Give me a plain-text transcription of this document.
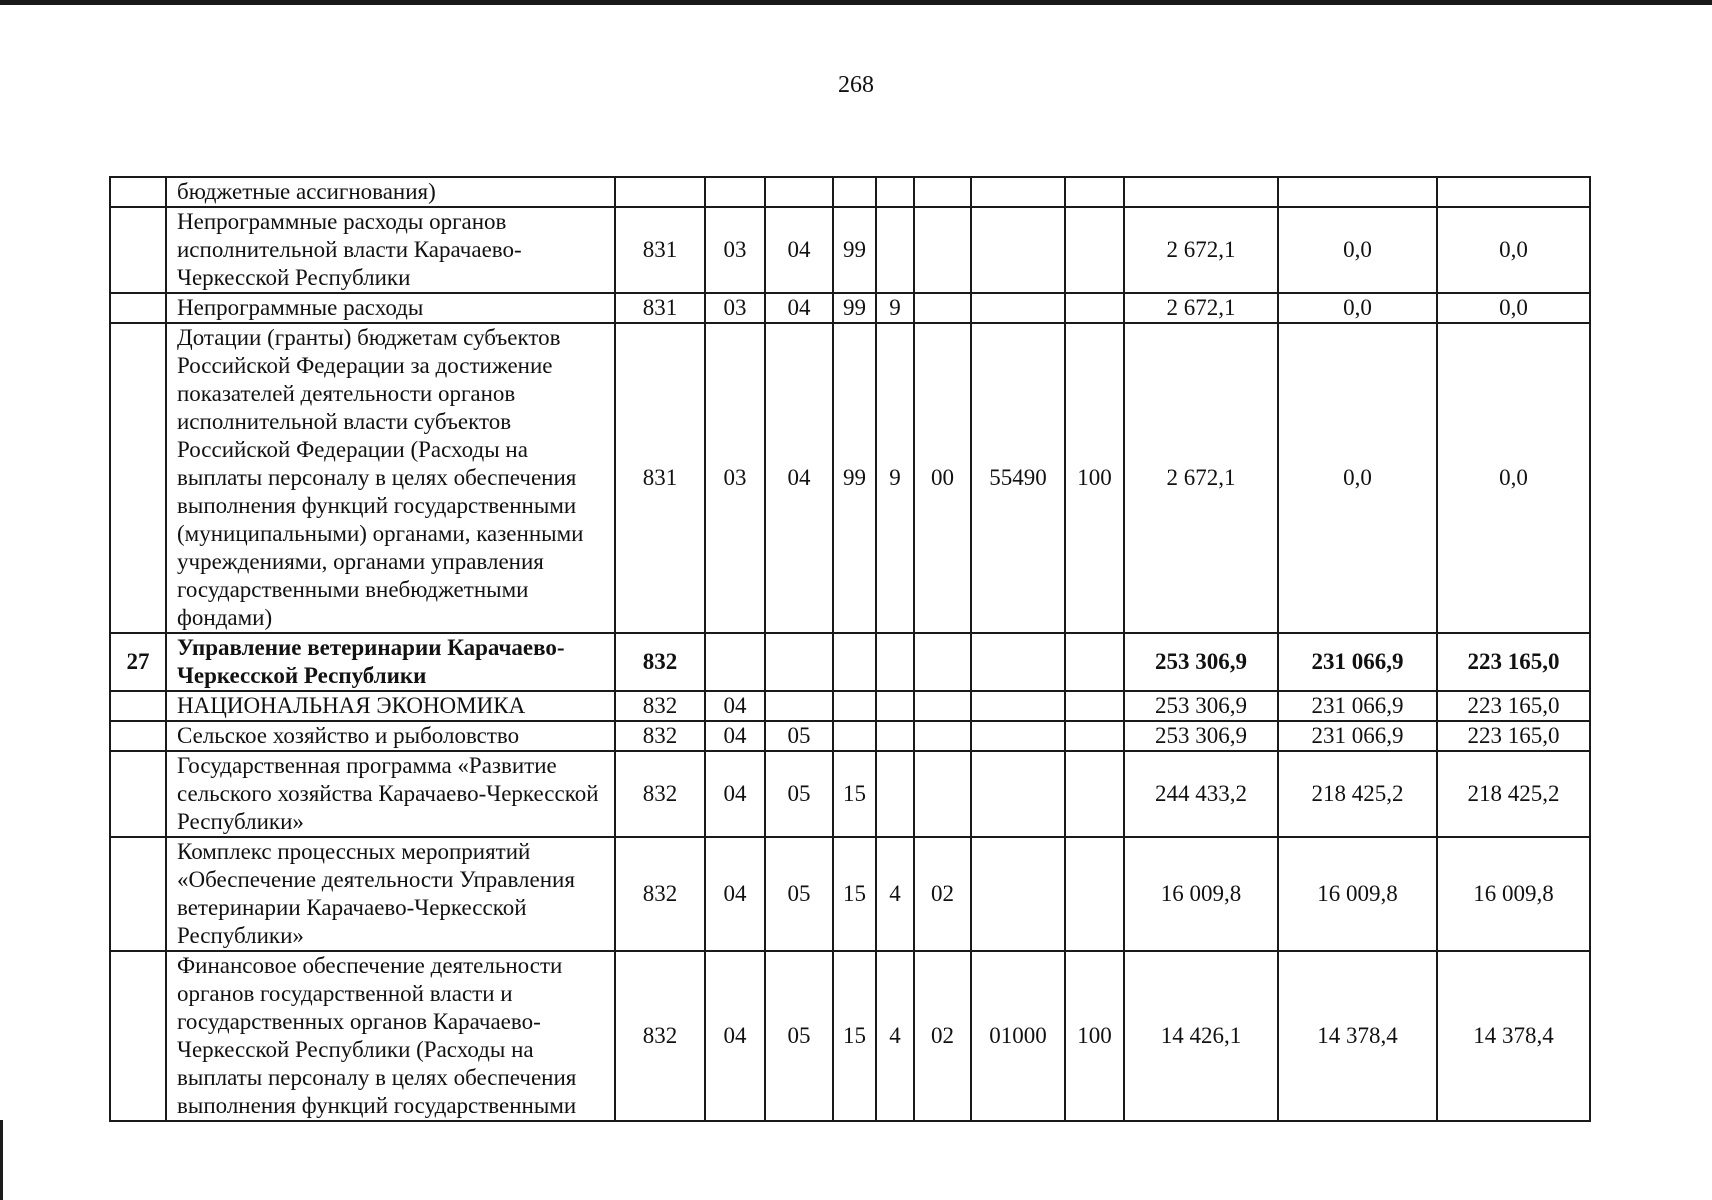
268
	бюджетные ассигнования)											
	Непрограммные расходы органов исполнительной власти Карачаево-Черкесской Республики	831	03	04	99					2 672,1	0,0	0,0
	Непрограммные расходы	831	03	04	99	9				2 672,1	0,0	0,0
	Дотации (гранты) бюджетам субъектов Российской Федерации за достижение показателей деятельности органов исполнительной власти субъектов Российской Федерации (Расходы на выплаты персоналу в целях обеспечения выполнения функций государственными (муниципальными) органами, казенными учреждениями, органами управления государственными внебюджетными фондами)	831	03	04	99	9	00	55490	100	2 672,1	0,0	0,0
27	Управление ветеринарии Карачаево-Черкесской Республики	832								253 306,9	231 066,9	223 165,0
	НАЦИОНАЛЬНАЯ ЭКОНОМИКА	832	04							253 306,9	231 066,9	223 165,0
	Сельское хозяйство и рыболовство	832	04	05						253 306,9	231 066,9	223 165,0
	Государственная программа «Развитие сельского хозяйства Карачаево-Черкесской Республики»	832	04	05	15					244 433,2	218 425,2	218 425,2
	Комплекс процессных мероприятий «Обеспечение деятельности Управления ветеринарии Карачаево-Черкесской Республики»	832	04	05	15	4	02			16 009,8	16 009,8	16 009,8
	Финансовое обеспечение деятельности органов государственной власти и государственных органов Карачаево-Черкесской Республики (Расходы на выплаты персоналу в целях обеспечения выполнения функций государственными	832	04	05	15	4	02	01000	100	14 426,1	14 378,4	14 378,4
